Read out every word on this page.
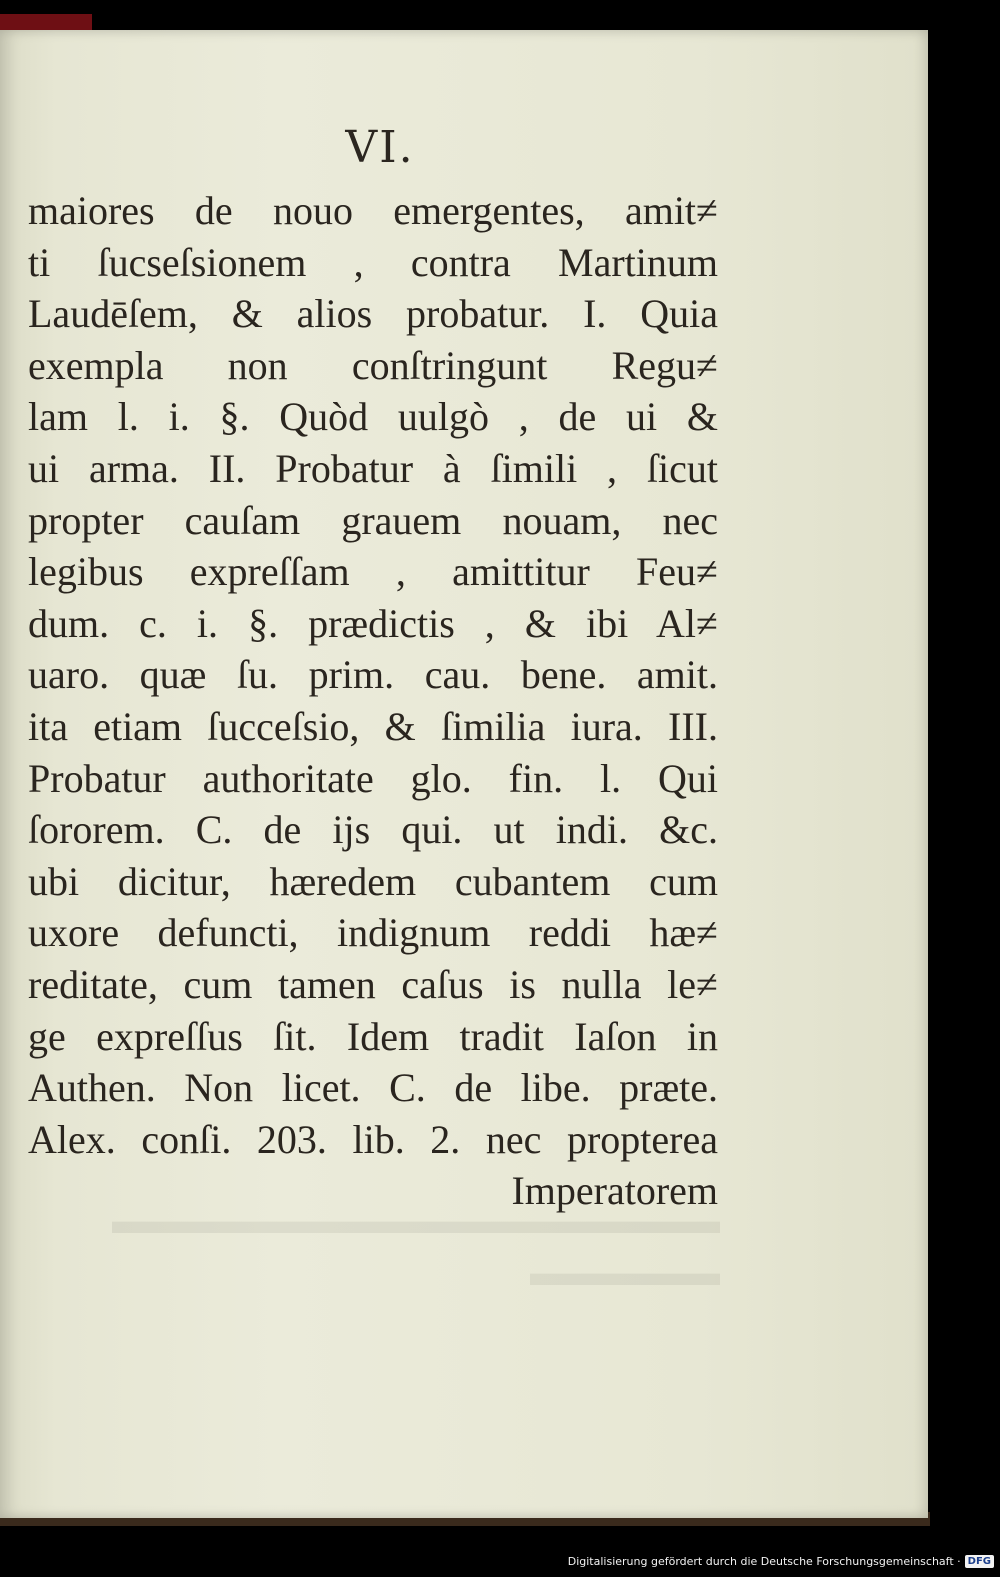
VI.
maiores de nouo emergentes, amit≠
ti ſucseſsionem , contra Martinum
Laudēſem, & alios probatur. I. Quia
exempla non conſtringunt Regu≠
lam l. i. §. Quòd uulgò , de ui &
ui arma. II. Probatur à ſimili , ſicut
propter cauſam grauem nouam, nec
legibus expreſſam , amittitur Feu≠
dum. c. i. §. prædictis , & ibi Al≠
uaro. quæ ſu. prim. cau. bene. amit.
ita etiam ſucceſsio, & ſimilia iura. III.
Probatur authoritate glo. fin. l. Qui
ſororem. C. de ijs qui. ut indi. &c.
ubi dicitur, hæredem cubantem cum
uxore defuncti, indignum reddi hæ≠
reditate, cum tamen caſus is nulla le≠
ge expreſſus ſit. Idem tradit Iaſon in
Authen. Non licet. C. de libe. præte.
Alex. conſi. 203. lib. 2. nec propterea
Imperatorem
▬▬▬▬▬▬▬▬▬▬▬▬▬▬▬▬
▬▬▬▬▬
Digitalisierung gefördert durch die Deutsche Forschungsgemeinschaft · DFG
